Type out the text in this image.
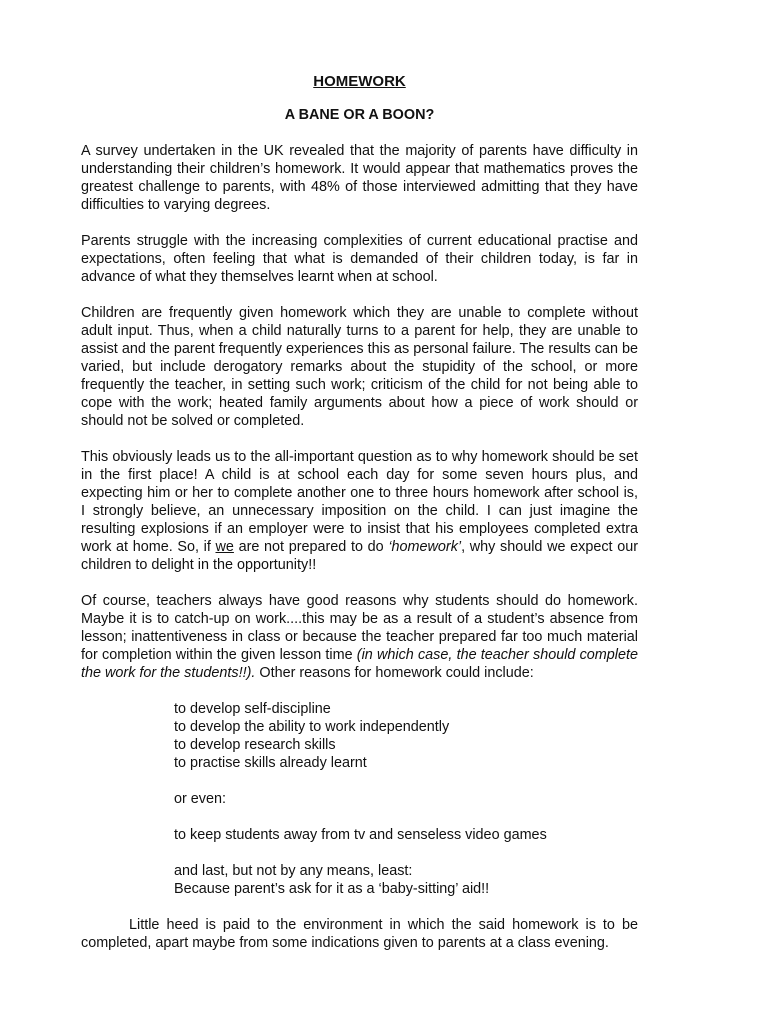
HOMEWORK
A BANE OR A BOON?

A survey undertaken in the UK revealed that the majority of parents have difficulty in understanding their children’s homework. It would appear that mathematics proves the greatest challenge to parents, with 48% of those interviewed admitting that they have difficulties to varying degrees.

Parents struggle with the increasing complexities of current educational practise and expectations, often feeling that what is demanded of their children today, is far in advance of what they themselves learnt when at school.

Children are frequently given homework which they are unable to complete without adult input. Thus, when a child naturally turns to a parent for help, they are unable to assist and the parent frequently experiences this as personal failure. The results can be varied, but include derogatory remarks about the stupidity of the school, or more frequently the teacher, in setting such work; criticism of the child for not being able to cope with the work; heated family arguments about how a piece of work should or should not be solved or completed.

This obviously leads us to the all-important question as to why homework should be set in the first place! A child is at school each day for some seven hours plus, and expecting him or her to complete another one to three hours homework after school is, I strongly believe, an unnecessary imposition on the child. I can just imagine the resulting explosions if an employer were to insist that his employees completed extra work at home. So, if we are not prepared to do ‘homework’, why should we expect our children to delight in the opportunity!!

Of course, teachers always have good reasons why students should do homework. Maybe it is to catch-up on work....this may be as a result of a student’s absence from lesson; inattentiveness in class or because the teacher prepared far too much material for completion within the given lesson time (in which case, the teacher should complete the work for the students!!). Other reasons for homework could include:

to develop self-discipline
to develop the ability to work independently
to develop research skills
to practise skills already learnt
or even:
to keep students away from tv and senseless video games
and last, but not by any means, least:
Because parent’s ask for it as a ‘baby-sitting’ aid!!

Little heed is paid to the environment in which the said homework is to be completed, apart maybe from some indications given to parents at a class evening.
